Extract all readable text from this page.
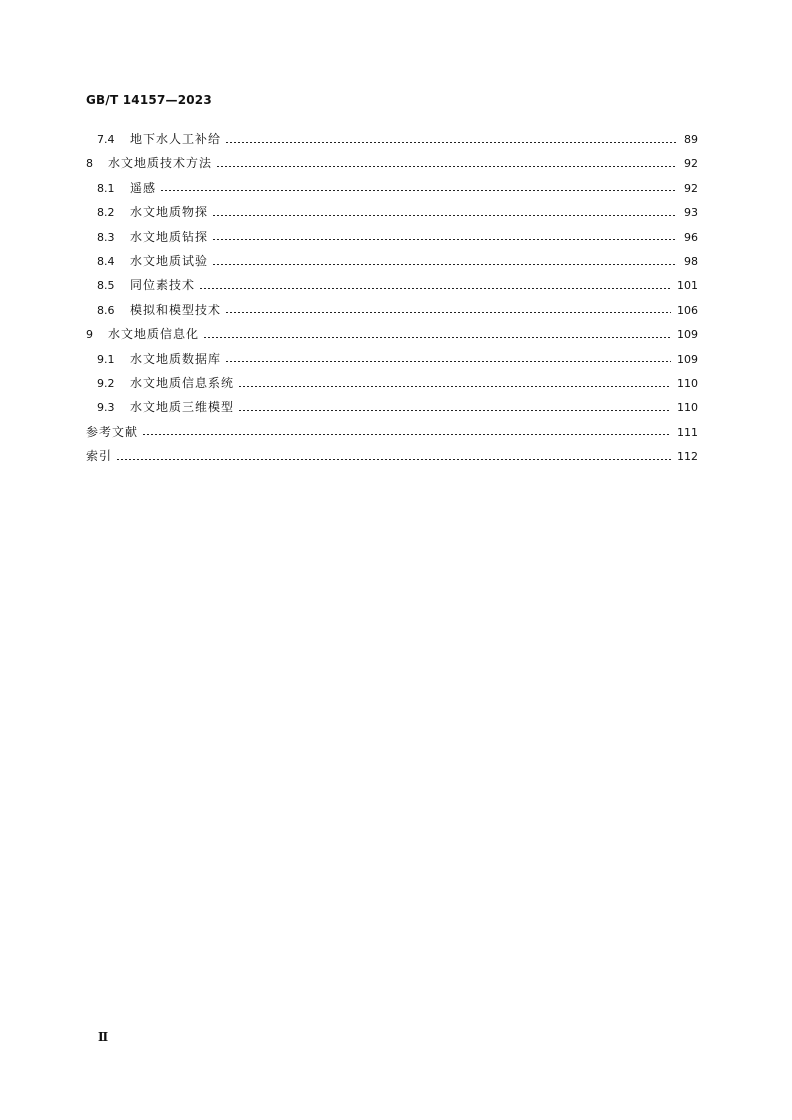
GB/T 14157—2023
7.4 地下水人工补给	89
8 水文地质技术方法	92
8.1 遥感	92
8.2 水文地质物探	93
8.3 水文地质钻探	96
8.4 水文地质试验	98
8.5 同位素技术	101
8.6 模拟和模型技术	106
9 水文地质信息化	109
9.1 水文地质数据库	109
9.2 水文地质信息系统	110
9.3 水文地质三维模型	110
参考文献	111
索引	112
Ⅱ
